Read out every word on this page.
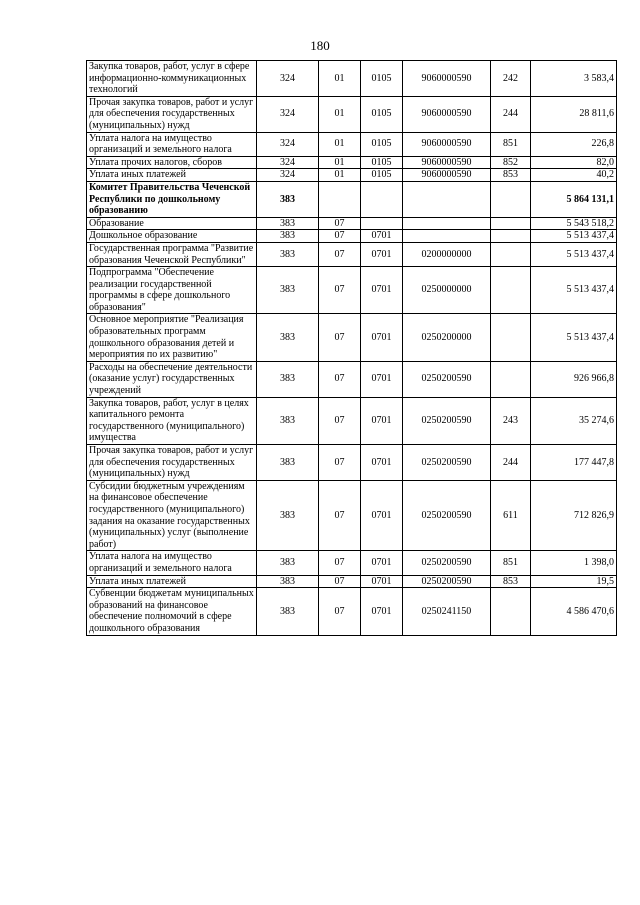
180
Закупка товаров, работ, услуг в сфере информационно-коммуникационных технологий	324	01	0105	9060000590	242	3 583,4
Прочая закупка товаров, работ и услуг для обеспечения государственных (муниципальных) нужд	324	01	0105	9060000590	244	28 811,6
Уплата налога на имущество организаций и земельного налога	324	01	0105	9060000590	851	226,8
Уплата прочих налогов, сборов	324	01	0105	9060000590	852	82,0
Уплата иных платежей	324	01	0105	9060000590	853	40,2
Комитет Правительства Чеченской Республики по дошкольному образованию	383					5 864 131,1
Образование	383	07				5 543 518,2
Дошкольное образование	383	07	0701			5 513 437,4
Государственная программа "Развитие образования Чеченской Республики"	383	07	0701	0200000000		5 513 437,4
Подпрограмма "Обеспечение реализации государственной программы в сфере дошкольного образования"	383	07	0701	0250000000		5 513 437,4
Основное мероприятие "Реализация образовательных программ дошкольного образования детей и мероприятия по их развитию"	383	07	0701	0250200000		5 513 437,4
Расходы на обеспечение деятельности (оказание услуг) государственных учреждений	383	07	0701	0250200590		926 966,8
Закупка товаров, работ, услуг в целях капитального ремонта государственного (муниципального) имущества	383	07	0701	0250200590	243	35 274,6
Прочая закупка товаров, работ и услуг для обеспечения государственных (муниципальных) нужд	383	07	0701	0250200590	244	177 447,8
Субсидии бюджетным учреждениям на финансовое обеспечение государственного (муниципального) задания на оказание государственных (муниципальных) услуг (выполнение работ)	383	07	0701	0250200590	611	712 826,9
Уплата налога на имущество организаций и земельного налога	383	07	0701	0250200590	851	1 398,0
Уплата иных платежей	383	07	0701	0250200590	853	19,5
Субвенции бюджетам муниципальных образований на финансовое обеспечение полномочий в сфере дошкольного образования	383	07	0701	0250241150		4 586 470,6
